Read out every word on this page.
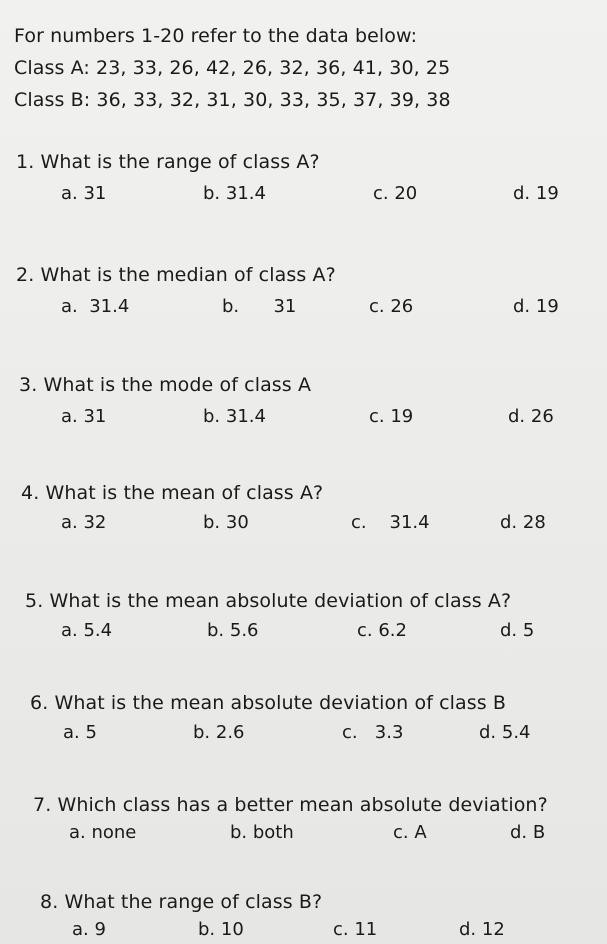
For numbers 1-20 refer to the data below:
Class A: 23, 33, 26, 42, 26, 32, 36, 41, 30, 25
Class B: 36, 33, 32, 31, 30, 33, 35, 37, 39, 38
1. What is the range of class A?
a. 31	b. 31.4	c. 20	d. 19
2. What is the median of class A?
a.  31.4	b.      31	c. 26	d. 19
3. What is the mode of class A
a. 31	b. 31.4	c. 19	d. 26
4. What is the mean of class A?
a. 32	b. 30	c.    31.4	d. 28
5. What is the mean absolute deviation of class A?
a. 5.4	b. 5.6	c. 6.2	d. 5
6. What is the mean absolute deviation of class B
a. 5	b. 2.6	c.   3.3	d. 5.4
7. Which class has a better mean absolute deviation?
a. none	b. both	c. A	d. B
8. What the range of class B?
a. 9	b. 10	c. 11	d. 12
